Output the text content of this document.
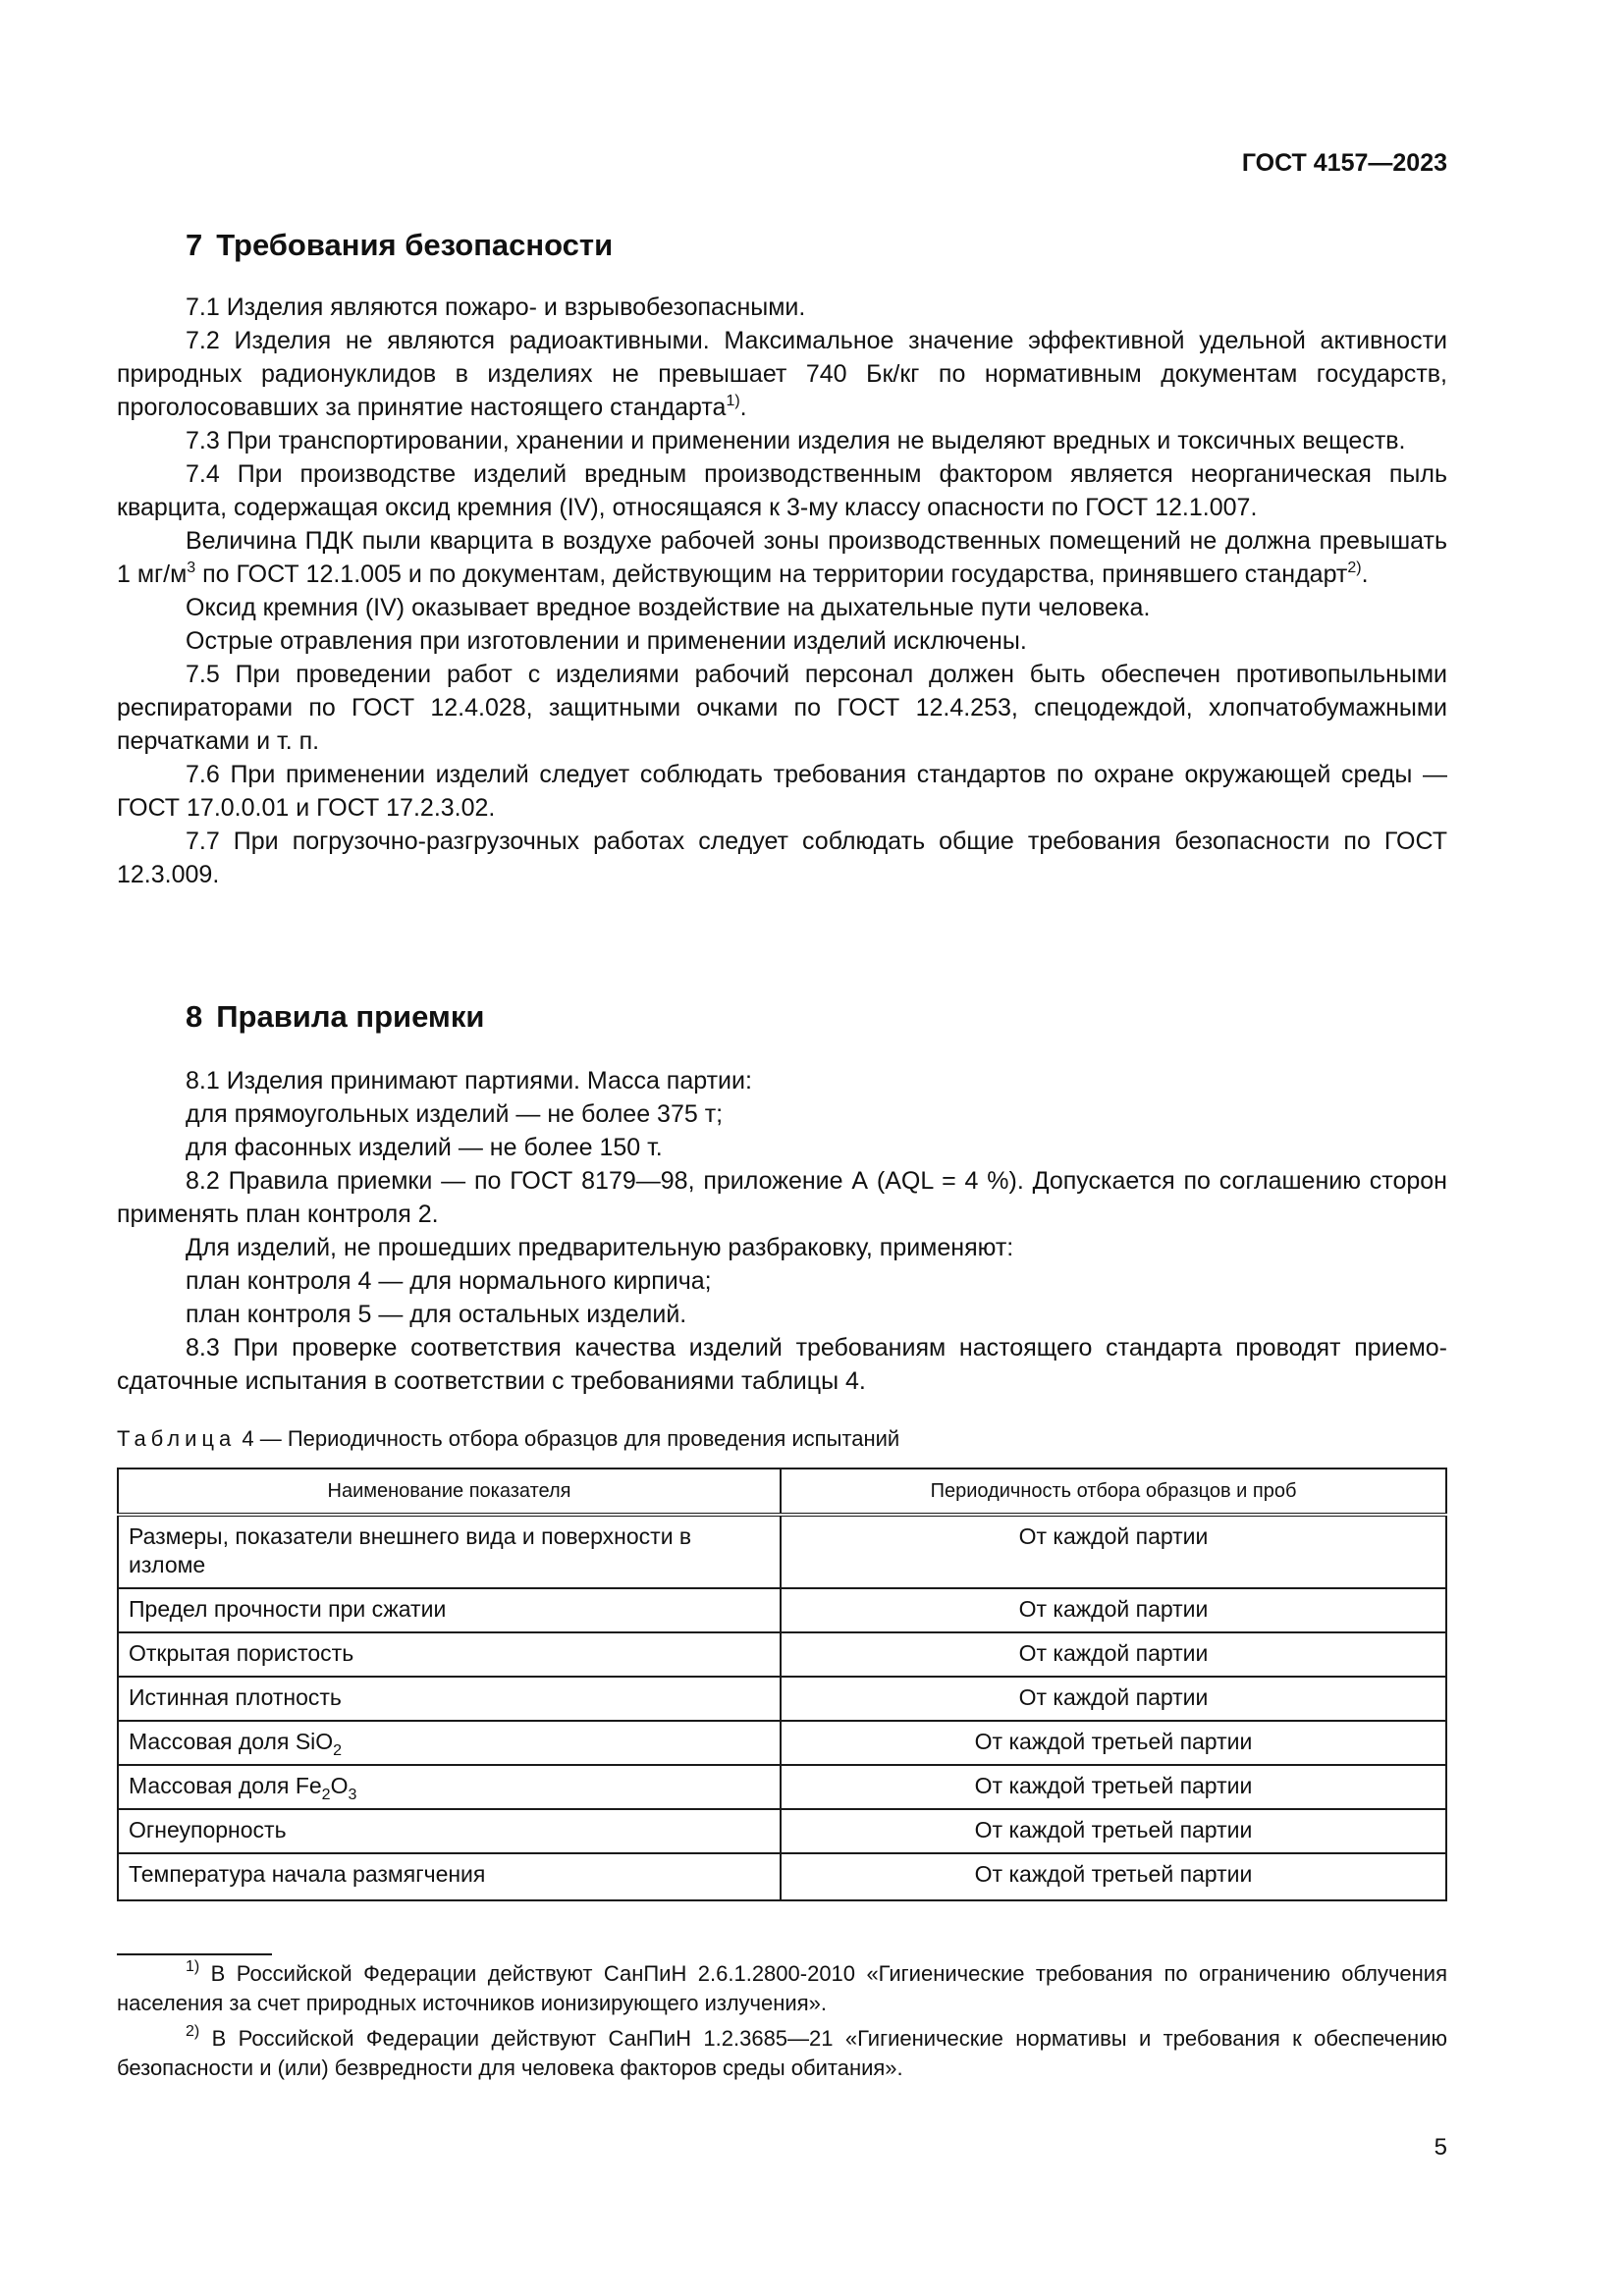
ГОСТ 4157—2023
7 Требования безопасности

7.1 Изделия являются пожаро- и взрывобезопасными.

7.2 Изделия не являются радиоактивными. Максимальное значение эффективной удельной активности природных радионуклидов в изделиях не превышает 740 Бк/кг по нормативным документам государств, проголосовавших за принятие настоящего стандарта$^{1)}$.

7.3 При транспортировании, хранении и применении изделия не выделяют вредных и токсичных веществ.

7.4 При производстве изделий вредным производственным фактором является неорганическая пыль кварцита, содержащая оксид кремния (IV), относящаяся к 3-му классу опасности по ГОСТ 12.1.007.

Величина ПДК пыли кварцита в воздухе рабочей зоны производственных помещений не должна превышать 1 $мг/м^3$ по ГОСТ 12.1.005 и по документам, действующим на территории государства, принявшего стандарт$^{2)}$.

Оксид кремния (IV) оказывает вредное воздействие на дыхательные пути человека.

Острые отравления при изготовлении и применении изделий исключены.

7.5 При проведении работ с изделиями рабочий персонал должен быть обеспечен противопыльными респираторами по ГОСТ 12.4.028, защитными очками по ГОСТ 12.4.253, спецодеждой, хлопчатобумажными перчатками и т. п.

7.6 При применении изделий следует соблюдать требования стандартов по охране окружающей среды — ГОСТ 17.0.0.01 и ГОСТ 17.2.3.02.

7.7 При погрузочно-разгрузочных работах следует соблюдать общие требования безопасности по ГОСТ 12.3.009.

8 Правила приемки

8.1 Изделия принимают партиями. Масса партии:

для прямоугольных изделий — не более 375 т;

для фасонных изделий — не более 150 т.

8.2 Правила приемки — по ГОСТ 8179—98, приложение А (AQL = 4 %). Допускается по соглашению сторон применять план контроля 2.

Для изделий, не прошедших предварительную разбраковку, применяют:

план контроля 4 — для нормального кирпича;

план контроля 5 — для остальных изделий.

8.3 При проверке соответствия качества изделий требованиям настоящего стандарта проводят приемо-сдаточные испытания в соответствии с требованиями таблицы 4.

Таблица 4 — Периодичность отбора образцов для проведения испытаний
Наименование показателя	Периодичность отбора образцов и проб
Размеры, показатели внешнего вида и поверхности в изломе	От каждой партии
Предел прочности при сжатии	От каждой партии
Открытая пористость	От каждой партии
Истинная плотность	От каждой партии
Массовая доля SiO$_2$	От каждой третьей партии
Массовая доля $Fe_2O_3$	От каждой третьей партии
Огнеупорность	От каждой третьей партии
Температура начала размягчения	От каждой третьей партии

$^{1)}$ В Российской Федерации действуют СанПиН 2.6.1.2800-2010 «Гигиенические требования по ограничению облучения населения за счет природных источников ионизирующего излучения».

$^{2)}$ В Российской Федерации действуют СанПиН 1.2.3685—21 «Гигиенические нормативы и требования к обеспечению безопасности и (или) безвредности для человека факторов среды обитания».

5
